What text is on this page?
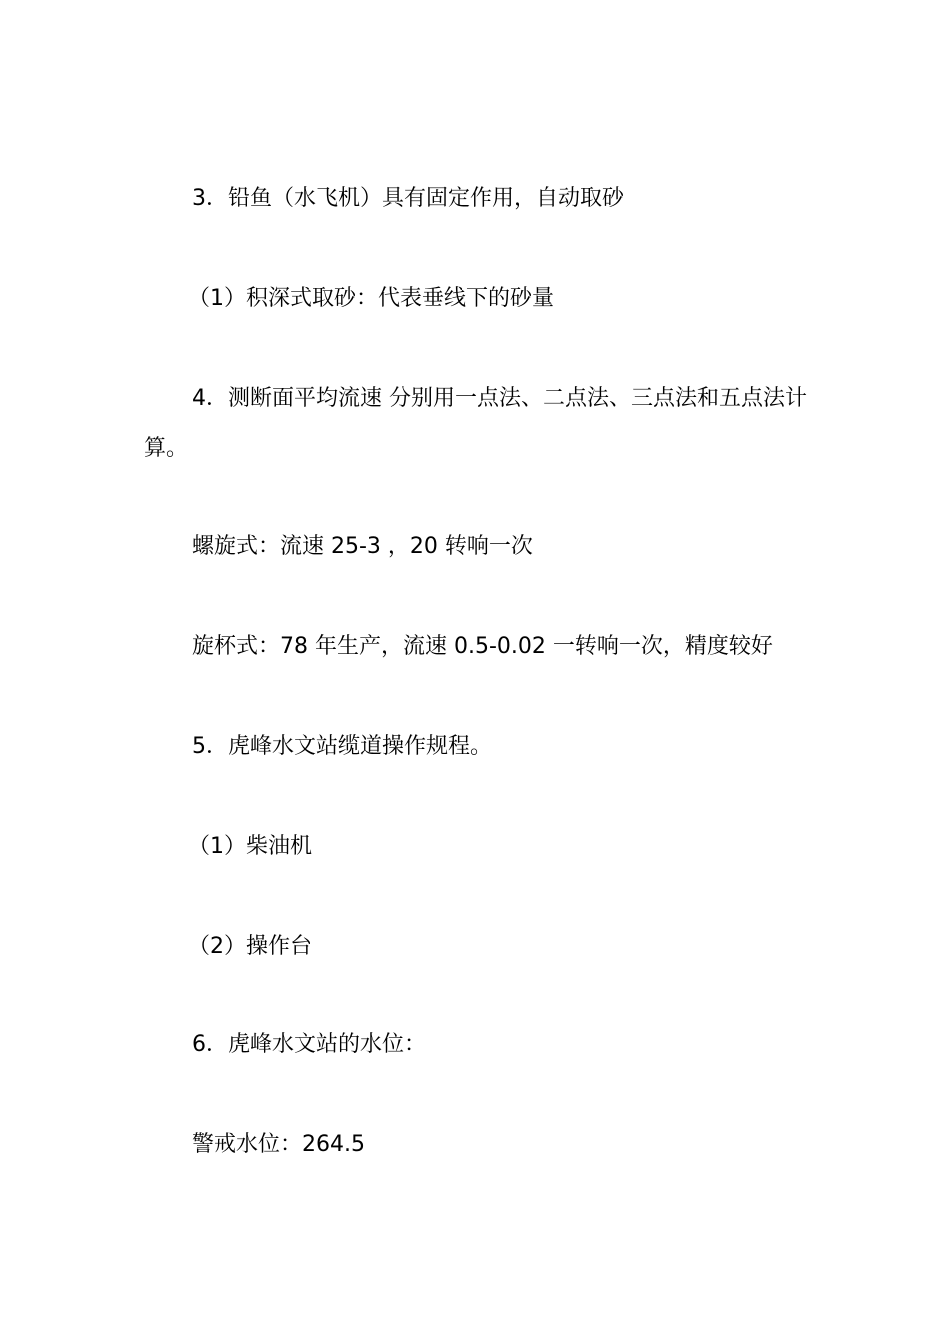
3．铅鱼（水飞机）具有固定作用，自动取砂

（1）积深式取砂：代表垂线下的砂量

4．测断面平均流速 分别用一点法、二点法、三点法和五点法计算。

螺旋式：流速 25-3 ，20 转响一次

旋杯式：78 年生产，流速 0.5-0.02 一转响一次，精度较好

5．虎峰水文站缆道操作规程。

（1）柴油机

（2）操作台

6．虎峰水文站的水位：

警戒水位：264.5
